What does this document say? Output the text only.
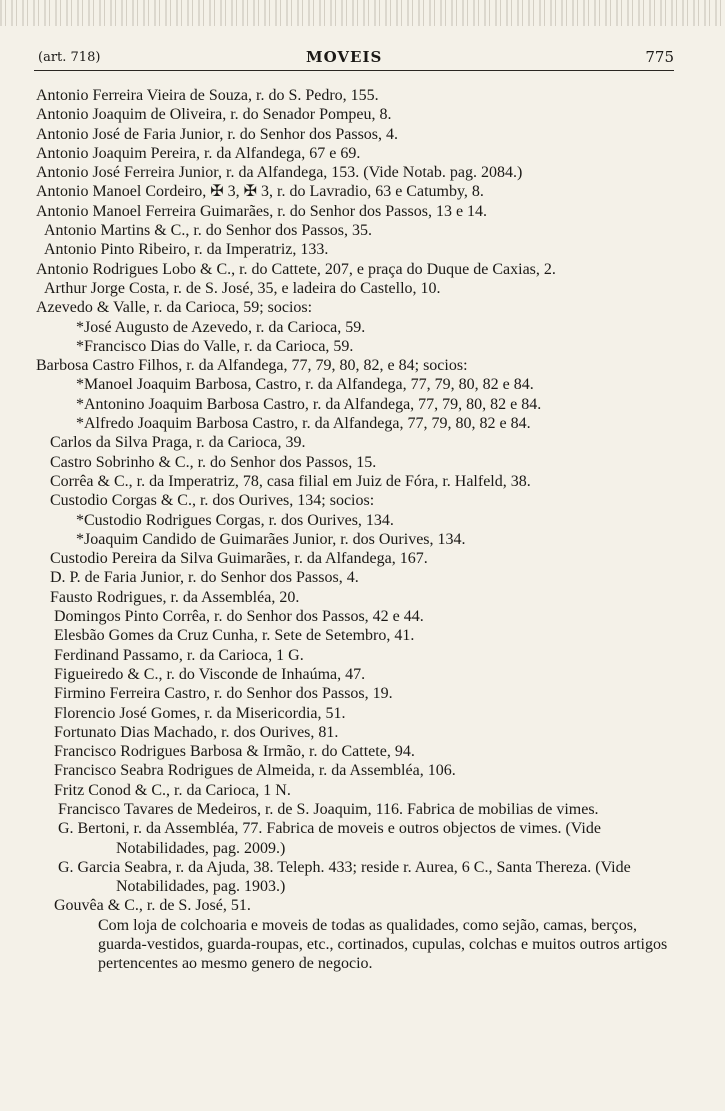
(art. 718)	MOVEIS	775
Antonio Ferreira Vieira de Souza, r. do S. Pedro, 155.
Antonio Joaquim de Oliveira, r. do Senador Pompeu, 8.
Antonio José de Faria Junior, r. do Senhor dos Passos, 4.
Antonio Joaquim Pereira, r. da Alfandega, 67 e 69.
Antonio José Ferreira Junior, r. da Alfandega, 153. (Vide Notab. pag. 2084.)
Antonio Manoel Cordeiro, ✠ 3, ✠ 3, r. do Lavradio, 63 e Catumby, 8.
Antonio Manoel Ferreira Guimarães, r. do Senhor dos Passos, 13 e 14.
Antonio Martins & C., r. do Senhor dos Passos, 35.
Antonio Pinto Ribeiro, r. da Imperatriz, 133.
Antonio Rodrigues Lobo & C., r. do Cattete, 207, e praça do Duque de Caxias, 2.
Arthur Jorge Costa, r. de S. José, 35, e ladeira do Castello, 10.
Azevedo & Valle, r. da Carioca, 59; socios:
*José Augusto de Azevedo, r. da Carioca, 59.
*Francisco Dias do Valle, r. da Carioca, 59.
Barbosa Castro Filhos, r. da Alfandega, 77, 79, 80, 82, e 84; socios:
*Manoel Joaquim Barbosa, Castro, r. da Alfandega, 77, 79, 80, 82 e 84.
*Antonino Joaquim Barbosa Castro, r. da Alfandega, 77, 79, 80, 82 e 84.
*Alfredo Joaquim Barbosa Castro, r. da Alfandega, 77, 79, 80, 82 e 84.
Carlos da Silva Praga, r. da Carioca, 39.
Castro Sobrinho & C., r. do Senhor dos Passos, 15.
Corrêa & C., r. da Imperatriz, 78, casa filial em Juiz de Fóra, r. Halfeld, 38.
Custodio Corgas & C., r. dos Ourives, 134; socios:
*Custodio Rodrigues Corgas, r. dos Ourives, 134.
*Joaquim Candido de Guimarães Junior, r. dos Ourives, 134.
Custodio Pereira da Silva Guimarães, r. da Alfandega, 167.
D. P. de Faria Junior, r. do Senhor dos Passos, 4.
Fausto Rodrigues, r. da Assembléa, 20.
Domingos Pinto Corrêa, r. do Senhor dos Passos, 42 e 44.
Elesbão Gomes da Cruz Cunha, r. Sete de Setembro, 41.
Ferdinand Passamo, r. da Carioca, 1 G.
Figueiredo & C., r. do Visconde de Inhaúma, 47.
Firmino Ferreira Castro, r. do Senhor dos Passos, 19.
Florencio José Gomes, r. da Misericordia, 51.
Fortunato Dias Machado, r. dos Ourives, 81.
Francisco Rodrigues Barbosa & Irmão, r. do Cattete, 94.
Francisco Seabra Rodrigues de Almeida, r. da Assembléa, 106.
Fritz Conod & C., r. da Carioca, 1 N.
Francisco Tavares de Medeiros, r. de S. Joaquim, 116. Fabrica de mobilias de vimes.
G. Bertoni, r. da Assembléa, 77. Fabrica de moveis e outros objectos de vimes. (Vide Notabilidades, pag. 2009.)
G. Garcia Seabra, r. da Ajuda, 38. Teleph. 433; reside r. Aurea, 6 C., Santa Thereza. (Vide Notabilidades, pag. 1903.)
Gouvêa & C., r. de S. José, 51.
Com loja de colchoaria e moveis de todas as qualidades, como sejão, camas, berços, guarda-vestidos, guarda-roupas, etc., cortinados, cupulas, colchas e muitos outros artigos pertencentes ao mesmo genero de negocio.
